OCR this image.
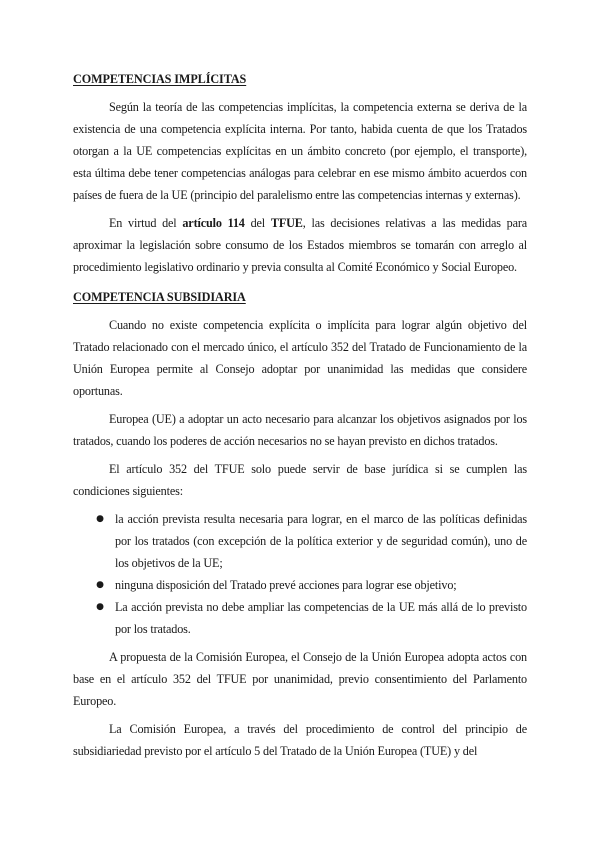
COMPETENCIAS IMPLÍCITAS

Según la teoría de las competencias implícitas, la competencia externa se deriva de la existencia de una competencia explícita interna. Por tanto, habida cuenta de que los Tratados otorgan a la UE competencias explícitas en un ámbito concreto (por ejemplo, el transporte), esta última debe tener competencias análogas para celebrar en ese mismo ámbito acuerdos con países de fuera de la UE (principio del paralelismo entre las competencias internas y externas).

En virtud del artículo 114 del TFUE, las decisiones relativas a las medidas para aproximar la legislación sobre consumo de los Estados miembros se tomarán con arreglo al procedimiento legislativo ordinario y previa consulta al Comité Económico y Social Europeo.

COMPETENCIA SUBSIDIARIA

Cuando no existe competencia explícita o implícita para lograr algún objetivo del Tratado relacionado con el mercado único, el artículo 352 del Tratado de Funcionamiento de la Unión Europea permite al Consejo adoptar por unanimidad las medidas que considere oportunas.

Europea (UE) a adoptar un acto necesario para alcanzar los objetivos asignados por los tratados, cuando los poderes de acción necesarios no se hayan previsto en dichos tratados.

El artículo 352 del TFUE solo puede servir de base jurídica si se cumplen las condiciones siguientes:

● la acción prevista resulta necesaria para lograr, en el marco de las políticas definidas por los tratados (con excepción de la política exterior y de seguridad común), uno de los objetivos de la UE;
● ninguna disposición del Tratado prevé acciones para lograr ese objetivo;
● La acción prevista no debe ampliar las competencias de la UE más allá de lo previsto por los tratados.

A propuesta de la Comisión Europea, el Consejo de la Unión Europea adopta actos con base en el artículo 352 del TFUE por unanimidad, previo consentimiento del Parlamento Europeo.

La Comisión Europea, a través del procedimiento de control del principio de subsidiariedad previsto por el artículo 5 del Tratado de la Unión Europea (TUE) y del
